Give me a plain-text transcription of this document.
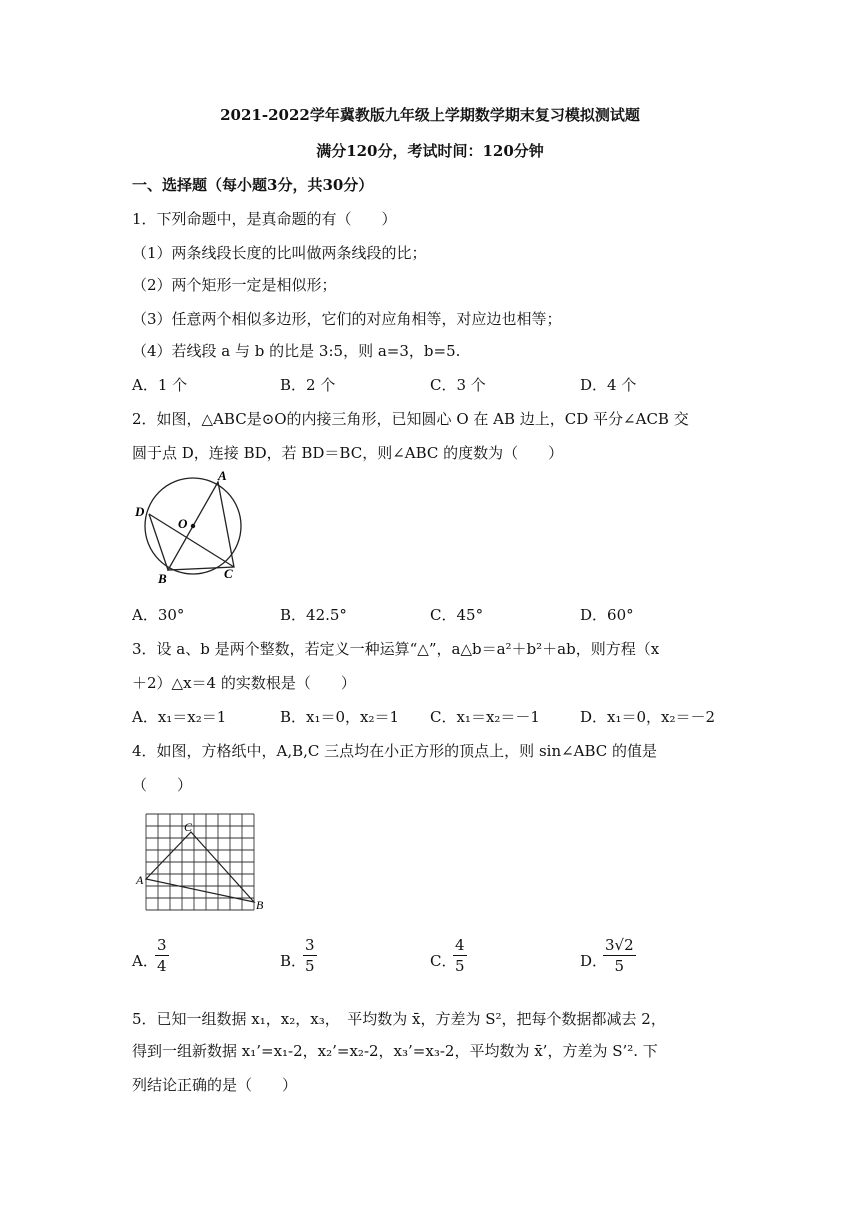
2021-2022学年冀教版九年级上学期数学期末复习模拟测试题
满分120分，考试时间：120分钟
一、选择题（每小题3分，共30分）
1．下列命题中，是真命题的有（　　）
（1）两条线段长度的比叫做两条线段的比；
（2）两个矩形一定是相似形；
（3）任意两个相似多边形，它们的对应角相等，对应边也相等；
（4）若线段 a 与 b 的比是 3:5，则 a=3，b=5.
A．1 个	B．2 个	C．3 个	D．4 个
2．如图，△ABC是⊙O的内接三角形，已知圆心 O 在 AB 边上，CD 平分∠ACB 交
圆于点 D，连接 BD，若 BD＝BC，则∠ABC 的度数为（　　）
A
B	C
D
O
A．30°	B．42.5°	C．45°	D．60°
3．设 a、b 是两个整数，若定义一种运算“△”，a△b＝a²＋b²＋ab，则方程（x
＋2）△x＝4 的实数根是（　　）
A．x₁＝x₂＝1	B．x₁＝0，x₂＝1 C．x₁＝x₂＝－1	D．x₁＝0，x₂＝－2
4．如图，方格纸中，A,B,C 三点均在小正方形的顶点上，则 sin∠ABC 的值是
（　　）
A
C
B
A．
$\frac{3}{4}$	B．
$\frac{3}{5}$	C．
$\frac{4}{5}$	D．
$\frac{3√2}{5}$
5．已知一组数据 x₁，x₂，x₃，　平均数为 x̄，方差为 S²，把每个数据都减去 2，
得到一组新数据 x₁’=x₁-2，x₂’=x₂-2，x₃’=x₃-2，平均数为 x̄’，方差为 S’². 下
列结论正确的是（　　）
